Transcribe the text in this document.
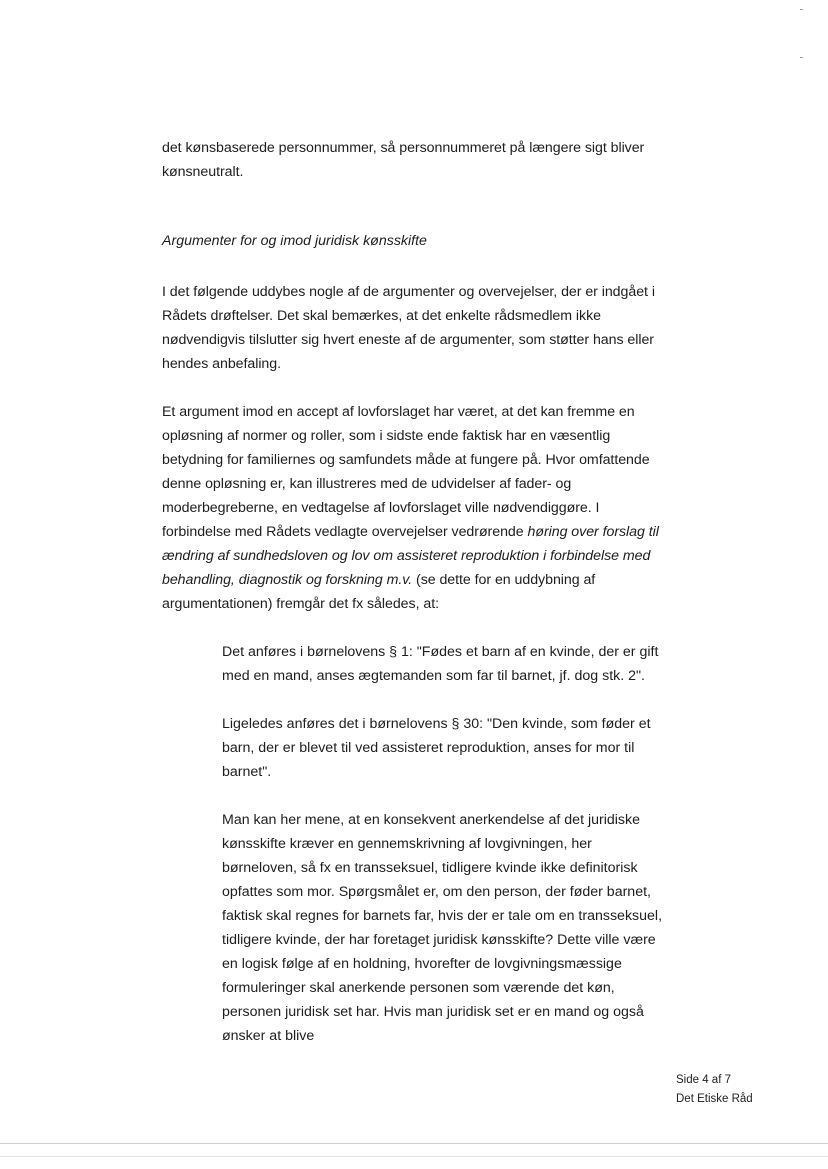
det kønsbaserede personnummer, så personnummeret på længere sigt bliver kønsneutralt.

Argumenter for og imod juridisk kønsskifte

I det følgende uddybes nogle af de argumenter og overvejelser, der er indgået i Rådets drøftelser. Det skal bemærkes, at det enkelte rådsmedlem ikke nødvendigvis tilslutter sig hvert eneste af de argumenter, som støtter hans eller hendes anbefaling.

Et argument imod en accept af lovforslaget har været, at det kan fremme en opløsning af normer og roller, som i sidste ende faktisk har en væsentlig betydning for familiernes og samfundets måde at fungere på. Hvor omfattende denne opløsning er, kan illustreres med de udvidelser af fader- og moderbegreberne, en vedtagelse af lovforslaget ville nødvendiggøre. I forbindelse med Rådets vedlagte overvejelser vedrørende høring over forslag til ændring af sundhedsloven og lov om assisteret reproduktion i forbindelse med behandling, diagnostik og forskning m.v. (se dette for en uddybning af argumentationen) fremgår det fx således, at:

Det anføres i børnelovens § 1: "Fødes et barn af en kvinde, der er gift med en mand, anses ægtemanden som far til barnet, jf. dog stk. 2".

Ligeledes anføres det i børnelovens § 30: "Den kvinde, som føder et barn, der er blevet til ved assisteret reproduktion, anses for mor til barnet".

Man kan her mene, at en konsekvent anerkendelse af det juridiske kønsskifte kræver en gennemskrivning af lovgivningen, her børneloven, så fx en transseksuel, tidligere kvinde ikke definitorisk opfattes som mor. Spørgsmålet er, om den person, der føder barnet, faktisk skal regnes for barnets far, hvis der er tale om en transseksuel, tidligere kvinde, der har foretaget juridisk kønsskifte? Dette ville være en logisk følge af en holdning, hvorefter de lovgivningsmæssige formuleringer skal anerkende personen som værende det køn, personen juridisk set har. Hvis man juridisk set er en mand og også ønsker at blive

Side 4 af 7
Det Etiske Råd
